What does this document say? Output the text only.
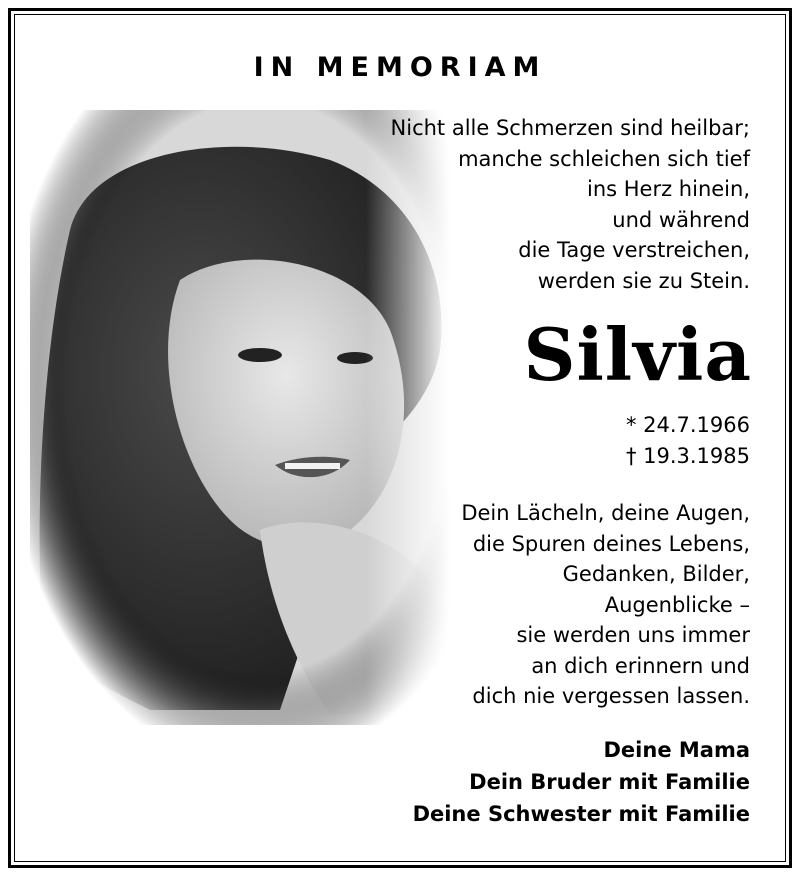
IN MEMORIAM
Nicht alle Schmerzen sind heilbar;
manche schleichen sich tief
ins Herz hinein,
und während
die Tage verstreichen,
werden sie zu Stein.
Silvia
* 24.7.1966
† 19.3.1985
Dein Lächeln, deine Augen,
die Spuren deines Lebens,
Gedanken, Bilder,
Augenblicke –
sie werden uns immer
an dich erinnern und
dich nie vergessen lassen.
Deine Mama
Dein Bruder mit Familie
Deine Schwester mit Familie
